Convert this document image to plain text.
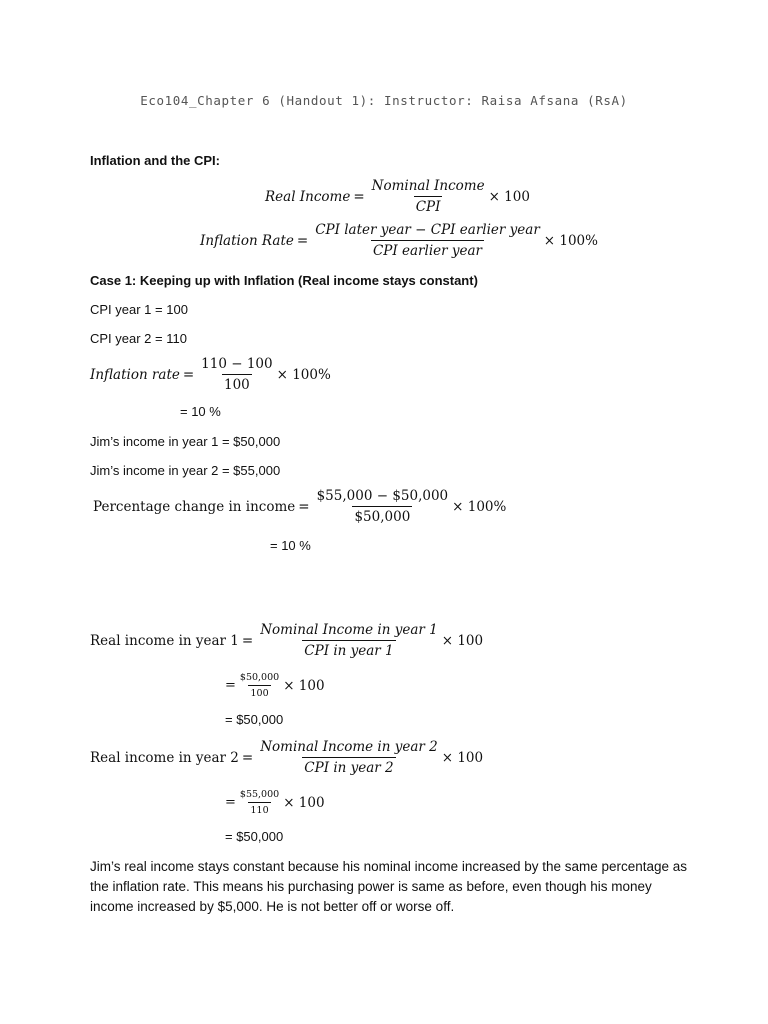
Eco104_Chapter 6 (Handout 1): Instructor: Raisa Afsana (RsA)
Inflation and the CPI:
Real Income = $\frac{\text{Nominal Income}}{\text{CPI}} \times 100$
Inflation Rate = $\frac{\text{CPI later year − CPI earlier year}}{\text{CPI earlier year}} \times 100\%$
Case 1: Keeping up with Inflation (Real income stays constant)
CPI year 1 = 100
CPI year 2 = 110
Inflation rate = $\frac{110 - 100}{100} \times 100\%$
= 10 %
Jim’s income in year 1 = $50,000
Jim’s income in year 2 = $55,000
Percentage change in income = $\frac{\$55,000 - \$50,000}{\$50,000} \times 100\%$
= 10 %
Real income in year $1 = \frac{\text{Nominal Income in year 1}}{\text{CPI in year 1}} \times 100$
= $\frac{\$50,000}{100} \times 100$
= $50,000
Real income in year $2 = \frac{\text{Nominal Income in year 2}}{\text{CPI in year 2}} \times 100$
= $\frac{\$55,000}{110} \times 100$
= $50,000
Jim’s real income stays constant because his nominal income increased by the same percentage as the inflation rate. This means his purchasing power is same as before, even though his money income increased by $5,000. He is not better off or worse off.
